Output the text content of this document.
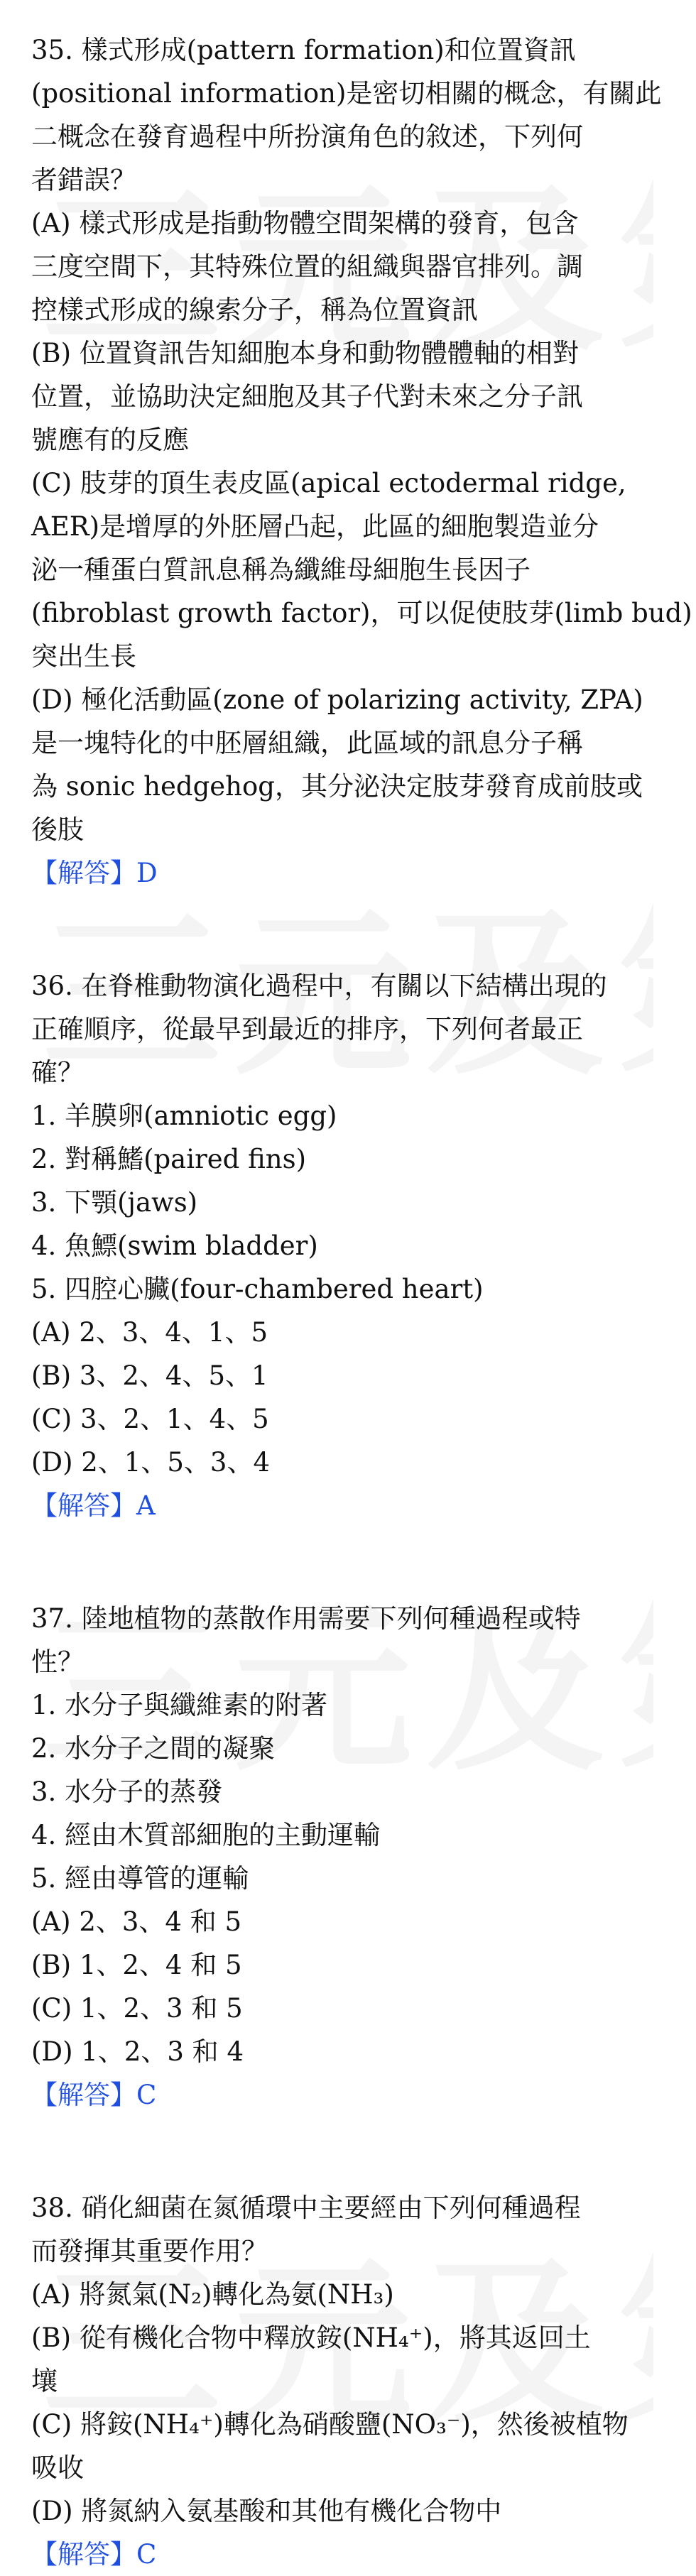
35. 樣式形成(pattern formation)和位置資訊

(positional information)是密切相關的概念，有關此

二概念在發育過程中所扮演角色的敘述，下列何

者錯誤？

(A) 樣式形成是指動物體空間架構的發育，包含

三度空間下，其特殊位置的組織與器官排列。調

控樣式形成的線索分子，稱為位置資訊

(B) 位置資訊告知細胞本身和動物體體軸的相對

位置，並協助決定細胞及其子代對未來之分子訊

號應有的反應

(C) 肢芽的頂生表皮區(apical ectodermal ridge,

AER)是增厚的外胚層凸起，此區的細胞製造並分

泌一種蛋白質訊息稱為纖維母細胞生長因子

(fibroblast growth factor)，可以促使肢芽(limb bud)

突出生長

(D) 極化活動區(zone of polarizing activity, ZPA)

是一塊特化的中胚層組織，此區域的訊息分子稱

為 sonic hedgehog，其分泌決定肢芽發育成前肢或

後肢

【解答】D

36. 在脊椎動物演化過程中，有關以下結構出現的

正確順序，從最早到最近的排序，下列何者最正

確？

1. 羊膜卵(amniotic egg)

2. 對稱鰭(paired fins)

3. 下顎(jaws)

4. 魚鰾(swim bladder)

5. 四腔心臟(four-chambered heart)

(A) 2、3、4、1、5

(B) 3、2、4、5、1

(C) 3、2、1、4、5

(D) 2、1、5、3、4

【解答】A

37. 陸地植物的蒸散作用需要下列何種過程或特

性？

1. 水分子與纖維素的附著

2. 水分子之間的凝聚

3. 水分子的蒸發

4. 經由木質部細胞的主動運輸

5. 經由導管的運輸

(A) 2、3、4 和 5

(B) 1、2、4 和 5

(C) 1、2、3 和 5

(D) 1、2、3 和 4

【解答】C

38. 硝化細菌在氮循環中主要經由下列何種過程

而發揮其重要作用？

(A) 將氮氣(N₂)轉化為氨(NH₃)

(B) 從有機化合物中釋放銨(NH₄⁺)，將其返回土

壤

(C) 將銨(NH₄⁺)轉化為硝酸鹽(NO₃⁻)，然後被植物

吸收

(D) 將氮納入氨基酸和其他有機化合物中

【解答】C
